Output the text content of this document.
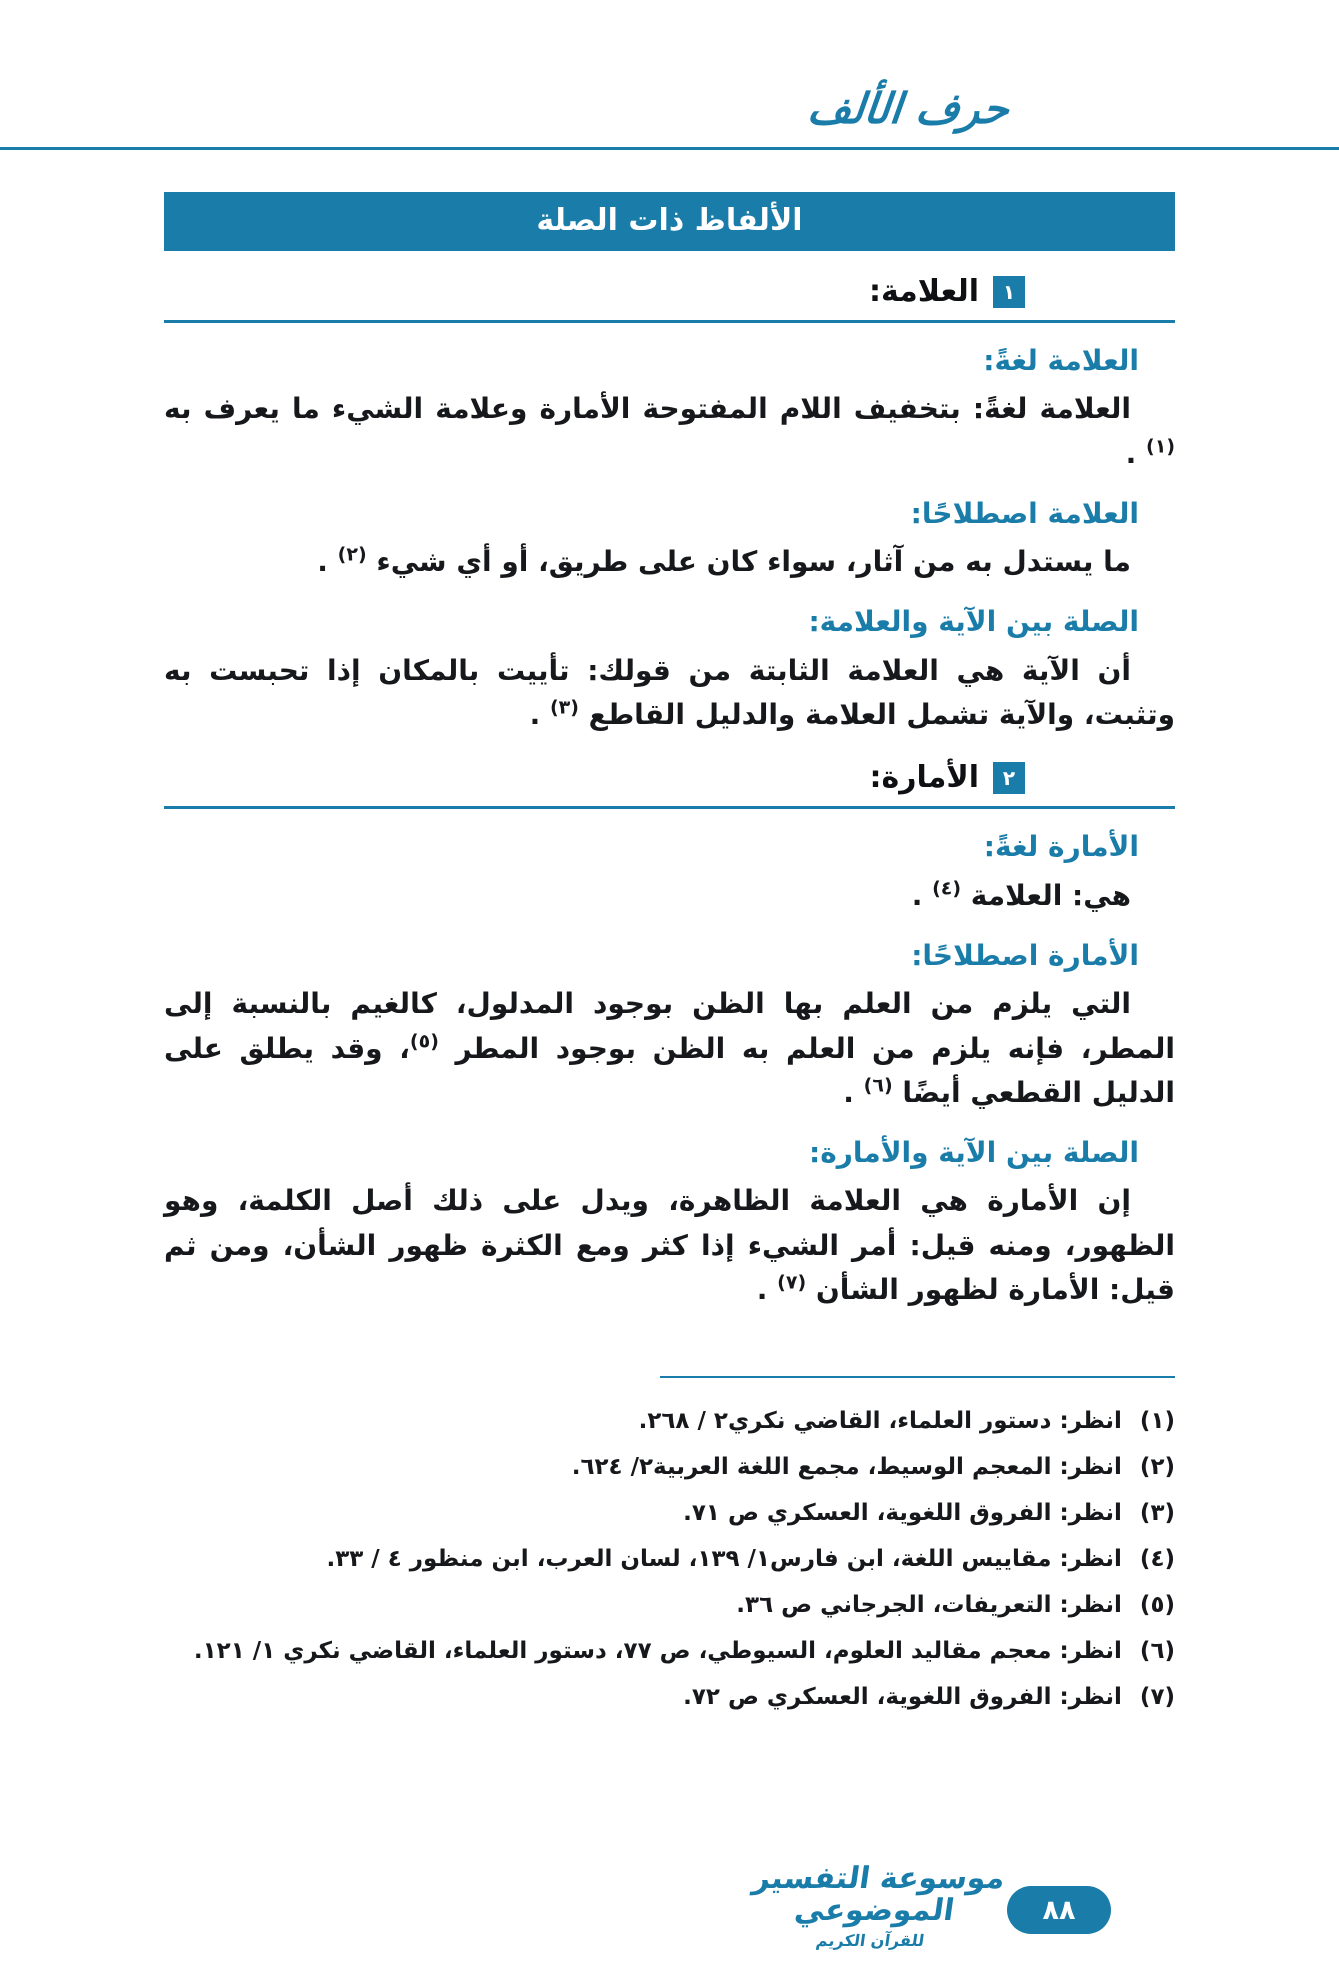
حرف الألف
الألفاظ ذات الصلة
١
العلامة:
العلامة لغةً:

العلامة لغةً: بتخفيف اللام المفتوحة الأمارة وعلامة الشيء ما يعرف به $^{(١)}$ .

العلامة اصطلاحًا:

ما يستدل به من آثار، سواء كان على طريق، أو أي شيء $^{(٢)}$ .

الصلة بين الآية والعلامة:

أن الآية هي العلامة الثابتة من قولك: تأييت بالمكان إذا تحبست به وتثبت، والآية تشمل العلامة والدليل القاطع $^{(٣)}$ .

٢
الأمارة:
الأمارة لغةً:

هي: العلامة $^{(٤)}$ .

الأمارة اصطلاحًا:

التي يلزم من العلم بها الظن بوجود المدلول، كالغيم بالنسبة إلى المطر، فإنه يلزم من العلم به الظن بوجود المطر $^{(٥)}$، وقد يطلق على الدليل القطعي أيضًا $^{(٦)}$ .

الصلة بين الآية والأمارة:

إن الأمارة هي العلامة الظاهرة، ويدل على ذلك أصل الكلمة، وهو الظهور، ومنه قيل: أمر الشيء إذا كثر ومع الكثرة ظهور الشأن، ومن ثم قيل: الأمارة لظهور الشأن $^{(٧)}$ .

(١)
انظر: دستور العلماء، القاضي نكري٢ / ٢٦٨.
(٢)
انظر: المعجم الوسيط، مجمع اللغة العربية٢/ ٦٢٤.
(٣)
انظر: الفروق اللغوية، العسكري ص ٧١.
(٤)
انظر: مقاييس اللغة، ابن فارس١/ ١٣٩، لسان العرب، ابن منظور ٤ / ٣٣.
(٥)
انظر: التعريفات، الجرجاني ص ٣٦.
(٦)
انظر: معجم مقاليد العلوم، السيوطي، ص ٧٧، دستور العلماء، القاضي نكري ١/ ١٢١.
(٧)
انظر: الفروق اللغوية، العسكري ص ٧٢.
موسوعة التفسير الموضوعي
للقرآن الكريم
٨٨
